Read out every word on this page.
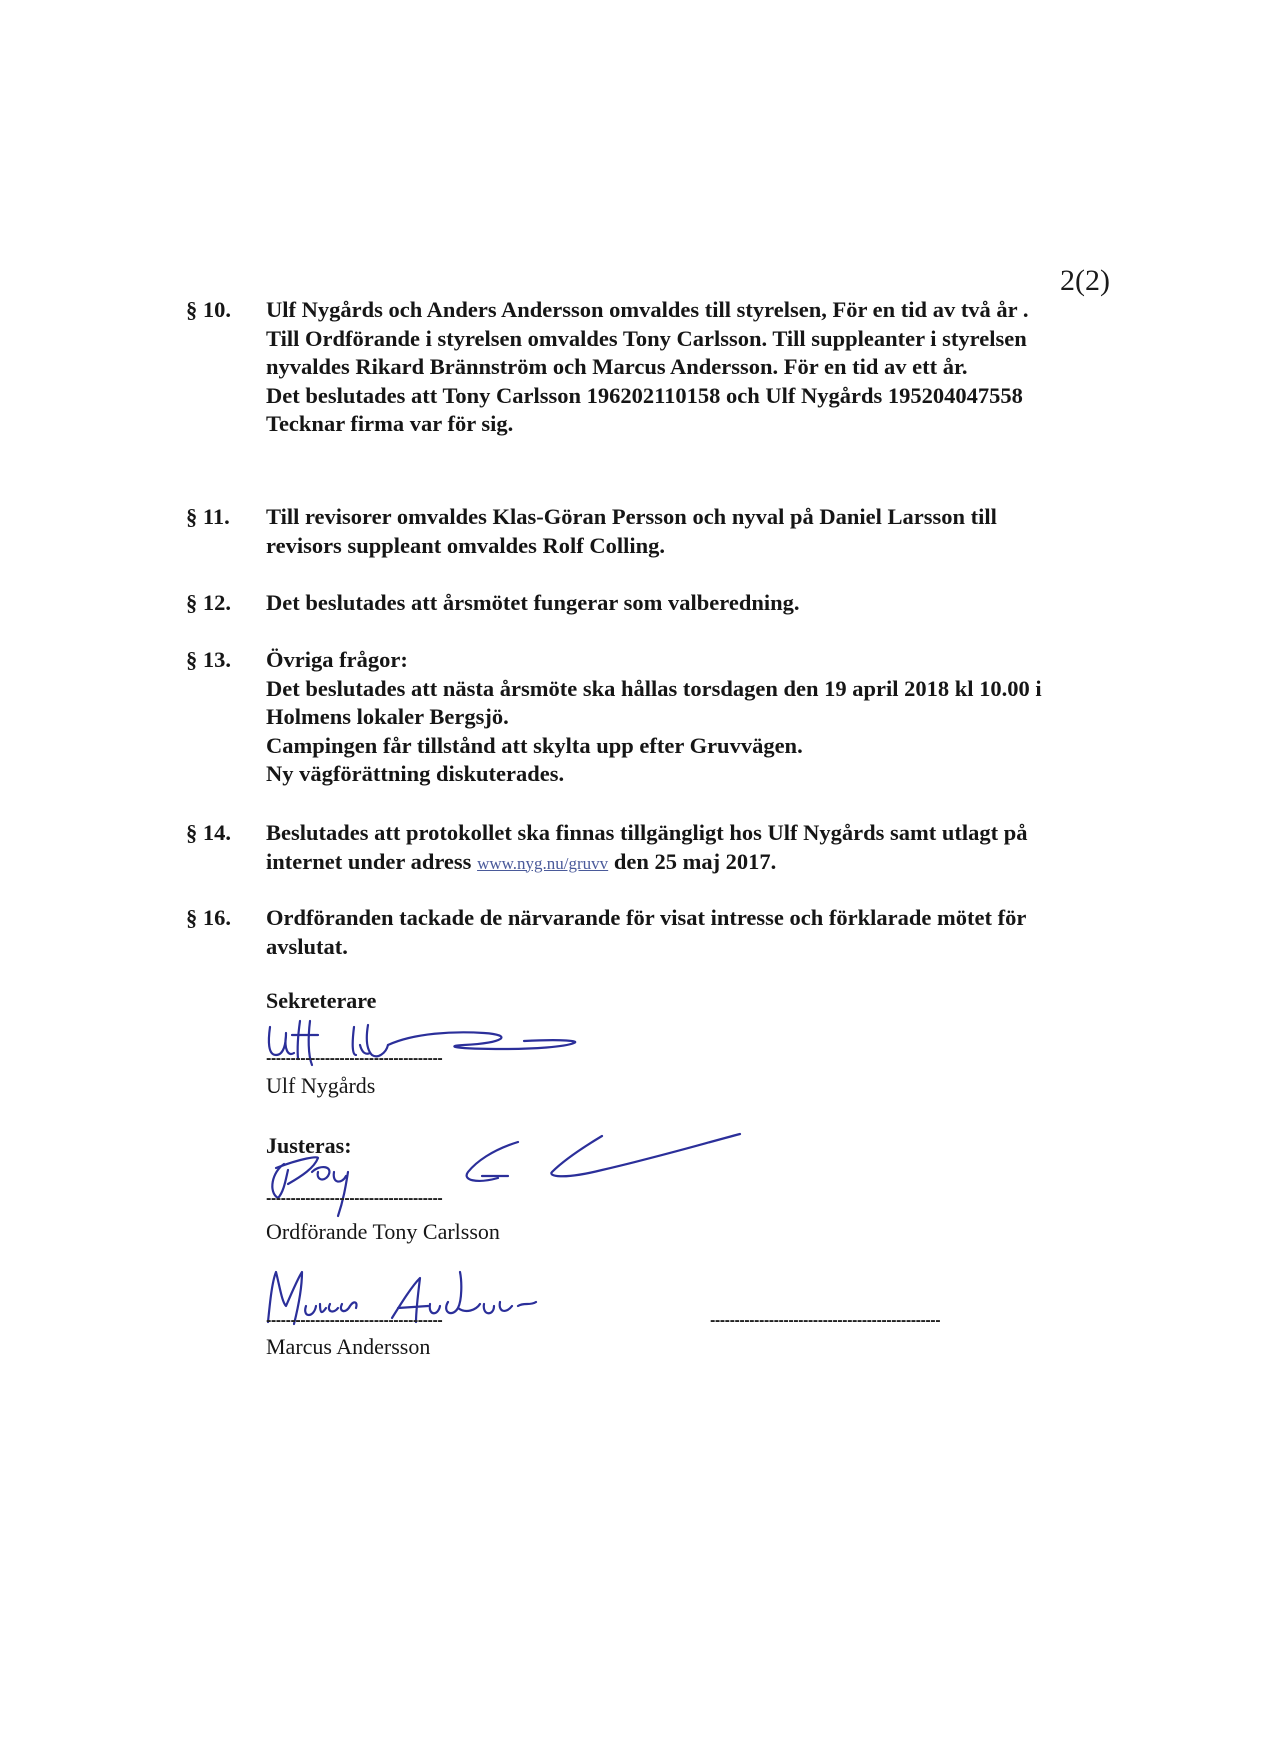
2(2)
§ 10.	Ulf Nygårds och Anders Andersson omvaldes till styrelsen, För en tid av två år .
Till Ordförande i styrelsen omvaldes Tony Carlsson. Till suppleanter i styrelsen
nyvaldes Rikard Brännström och Marcus Andersson. För en tid av ett år.
Det beslutades att Tony Carlsson 196202110158 och Ulf Nygårds 195204047558
Tecknar firma var för sig.
§ 11.	Till revisorer omvaldes Klas-Göran Persson och nyval på Daniel Larsson till
revisors suppleant omvaldes Rolf Colling.
§ 12.	Det beslutades att årsmötet fungerar som valberedning.
§ 13.	Övriga frågor:
Det beslutades att nästa årsmöte ska hållas torsdagen den 19 april 2018 kl 10.00 i
Holmens lokaler Bergsjö.
Campingen får tillstånd att skylta upp efter Gruvvägen.
Ny vägförättning diskuterades.
§ 14.	Beslutades att protokollet ska finnas tillgängligt hos Ulf Nygårds samt utlagt på
internet under adress www.nyg.nu/gruvv den 25 maj 2017.
§ 16.	Ordföranden tackade de närvarande för visat intresse och förklarade mötet för
avslutat.
Sekreterare
------------------------------------
Ulf Nygårds
Justeras:
------------------------------------
Ordförande Tony Carlsson
------------------------------------	-----------------------------------------------
Marcus Andersson
